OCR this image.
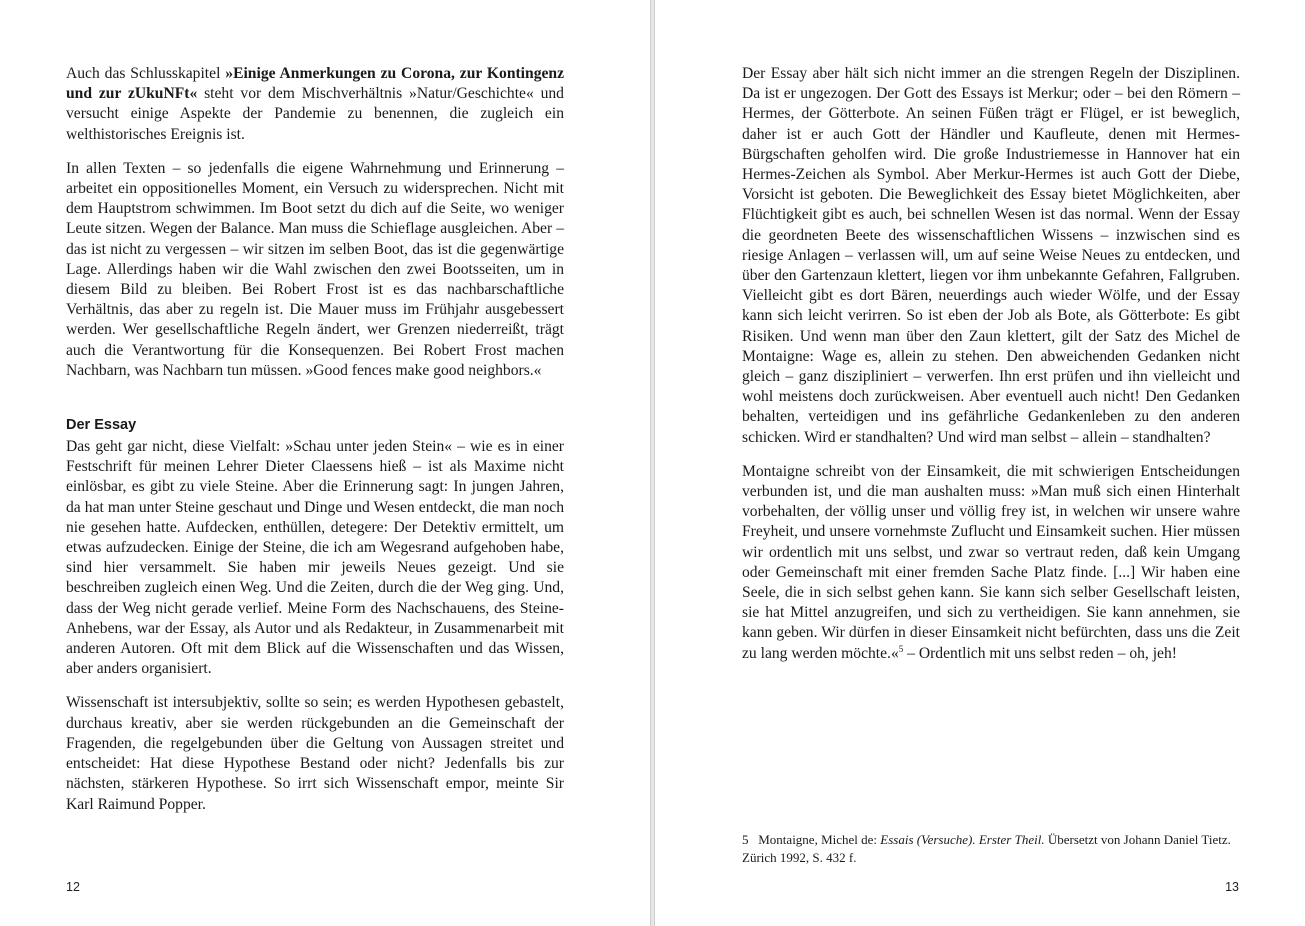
Auch das Schlusskapitel »Einige Anmerkungen zu Corona, zur Kontingenz und zur zUkuNFt« steht vor dem Mischverhältnis »Natur/Geschichte« und versucht einige Aspekte der Pandemie zu benennen, die zugleich ein welthistorisches Ereignis ist.

In allen Texten – so jedenfalls die eigene Wahrnehmung und Erinnerung – arbeitet ein oppositionelles Moment, ein Versuch zu widersprechen. Nicht mit dem Hauptstrom schwimmen. Im Boot setzt du dich auf die Seite, wo weniger Leute sitzen. Wegen der Balance. Man muss die Schieflage ausgleichen. Aber – das ist nicht zu vergessen – wir sitzen im selben Boot, das ist die gegenwärtige Lage. Allerdings haben wir die Wahl zwischen den zwei Bootsseiten, um in diesem Bild zu bleiben. Bei Robert Frost ist es das nachbarschaftliche Verhältnis, das aber zu regeln ist. Die Mauer muss im Frühjahr ausgebessert werden. Wer gesellschaftliche Regeln ändert, wer Grenzen niederreißt, trägt auch die Verantwortung für die Konsequenzen. Bei Robert Frost machen Nachbarn, was Nachbarn tun müssen. »Good fences make good neighbors.«

Der Essay

Das geht gar nicht, diese Vielfalt: »Schau unter jeden Stein« – wie es in einer Festschrift für meinen Lehrer Dieter Claessens hieß – ist als Maxime nicht einlösbar, es gibt zu viele Steine. Aber die Erinnerung sagt: In jungen Jahren, da hat man unter Steine geschaut und Dinge und Wesen entdeckt, die man noch nie gesehen hatte. Aufdecken, enthüllen, detegere: Der Detektiv ermittelt, um etwas aufzudecken. Einige der Steine, die ich am Wegesrand aufgehoben habe, sind hier versammelt. Sie haben mir jeweils Neues gezeigt. Und sie beschreiben zugleich einen Weg. Und die Zeiten, durch die der Weg ging. Und, dass der Weg nicht gerade verlief. Meine Form des Nachschauens, des Steine-Anhebens, war der Essay, als Autor und als Redakteur, in Zusammenarbeit mit anderen Autoren. Oft mit dem Blick auf die Wissenschaften und das Wissen, aber anders organisiert.

Wissenschaft ist intersubjektiv, sollte so sein; es werden Hypothesen gebastelt, durchaus kreativ, aber sie werden rückgebunden an die Gemeinschaft der Fragenden, die regelgebunden über die Geltung von Aussagen streitet und entscheidet: Hat diese Hypothese Bestand oder nicht? Jedenfalls bis zur nächsten, stärkeren Hypothese. So irrt sich Wissenschaft empor, meinte Sir Karl Raimund Popper.

12

Der Essay aber hält sich nicht immer an die strengen Regeln der Disziplinen. Da ist er ungezogen. Der Gott des Essays ist Merkur; oder – bei den Römern – Hermes, der Götterbote. An seinen Füßen trägt er Flügel, er ist beweglich, daher ist er auch Gott der Händler und Kaufleute, denen mit Hermes-Bürgschaften geholfen wird. Die große Industriemesse in Hannover hat ein Hermes-Zeichen als Symbol. Aber Merkur-Hermes ist auch Gott der Diebe, Vorsicht ist geboten. Die Beweglichkeit des Essay bietet Möglichkeiten, aber Flüchtigkeit gibt es auch, bei schnellen Wesen ist das normal. Wenn der Essay die geordneten Beete des wissenschaftlichen Wissens – inzwischen sind es riesige Anlagen – verlassen will, um auf seine Weise Neues zu entdecken, und über den Gartenzaun klettert, liegen vor ihm unbekannte Gefahren, Fallgruben. Vielleicht gibt es dort Bären, neuerdings auch wieder Wölfe, und der Essay kann sich leicht verirren. So ist eben der Job als Bote, als Götterbote: Es gibt Risiken. Und wenn man über den Zaun klettert, gilt der Satz des Michel de Montaigne: Wage es, allein zu stehen. Den abweichenden Gedanken nicht gleich – ganz diszipliniert – verwerfen. Ihn erst prüfen und ihn vielleicht und wohl meistens doch zurückweisen. Aber eventuell auch nicht! Den Gedanken behalten, verteidigen und ins gefährliche Gedankenleben zu den anderen schicken. Wird er standhalten? Und wird man selbst – allein – standhalten?

Montaigne schreibt von der Einsamkeit, die mit schwierigen Entscheidungen verbunden ist, und die man aushalten muss: »Man muß sich einen Hinterhalt vorbehalten, der völlig unser und völlig frey ist, in welchen wir unsere wahre Freyheit, und unsere vornehmste Zuflucht und Einsamkeit suchen. Hier müssen wir ordentlich mit uns selbst, und zwar so vertraut reden, daß kein Umgang oder Gemeinschaft mit einer fremden Sache Platz finde. [...] Wir haben eine Seele, die in sich selbst gehen kann. Sie kann sich selber Gesellschaft leisten, sie hat Mittel anzugreifen, und sich zu vertheidigen. Sie kann annehmen, sie kann geben. Wir dürfen in dieser Einsamkeit nicht befürchten, dass uns die Zeit zu lang werden möchte.«$^5$ – Ordentlich mit uns selbst reden – oh, jeh!

5 Montaigne, Michel de: Essais (Versuche). Erster Theil. Übersetzt von Johann Daniel Tietz. Zürich 1992, S. 432 f.
13
